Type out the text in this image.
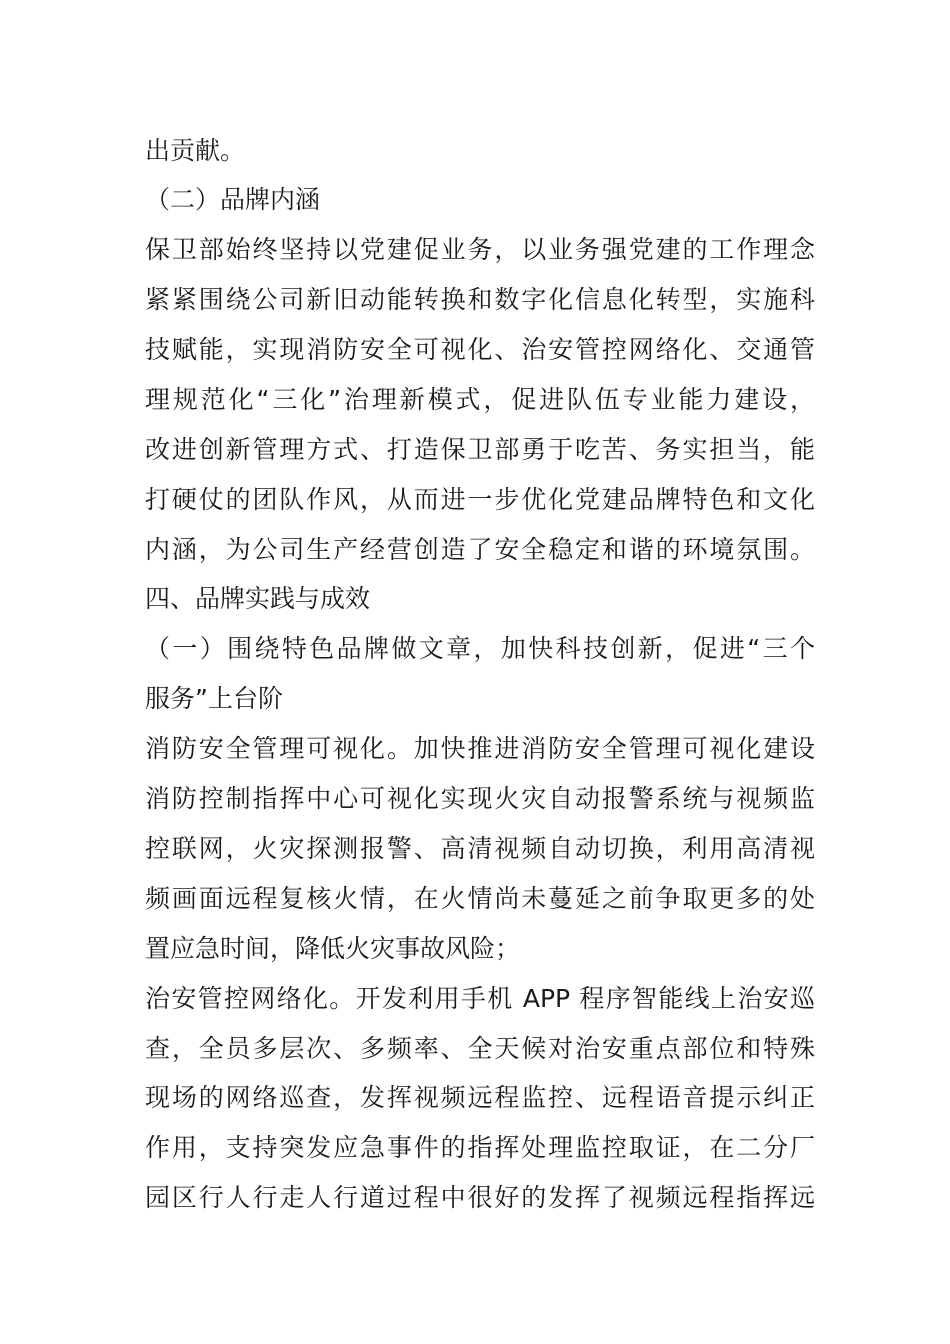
出贡献。
（二）品牌内涵
保卫部始终坚持以党建促业务，以业务强党建的工作理念
紧紧围绕公司新旧动能转换和数字化信息化转型，实施科
技赋能，实现消防安全可视化、治安管控网络化、交通管
理规范化“三化”治理新模式，促进队伍专业能力建设，
改进创新管理方式、打造保卫部勇于吃苦、务实担当，能
打硬仗的团队作风，从而进一步优化党建品牌特色和文化
内涵，为公司生产经营创造了安全稳定和谐的环境氛围。
四、品牌实践与成效
（一）围绕特色品牌做文章，加快科技创新，促进“三个
服务”上台阶
消防安全管理可视化。加快推进消防安全管理可视化建设
消防控制指挥中心可视化实现火灾自动报警系统与视频监
控联网，火灾探测报警、高清视频自动切换，利用高清视
频画面远程复核火情，在火情尚未蔓延之前争取更多的处
置应急时间，降低火灾事故风险；
治安管控网络化。开发利用手机 APP 程序智能线上治安巡
查，全员多层次、多频率、全天候对治安重点部位和特殊
现场的网络巡查，发挥视频远程监控、远程语音提示纠正
作用，支持突发应急事件的指挥处理监控取证，在二分厂
园区行人行走人行道过程中很好的发挥了视频远程指挥远
